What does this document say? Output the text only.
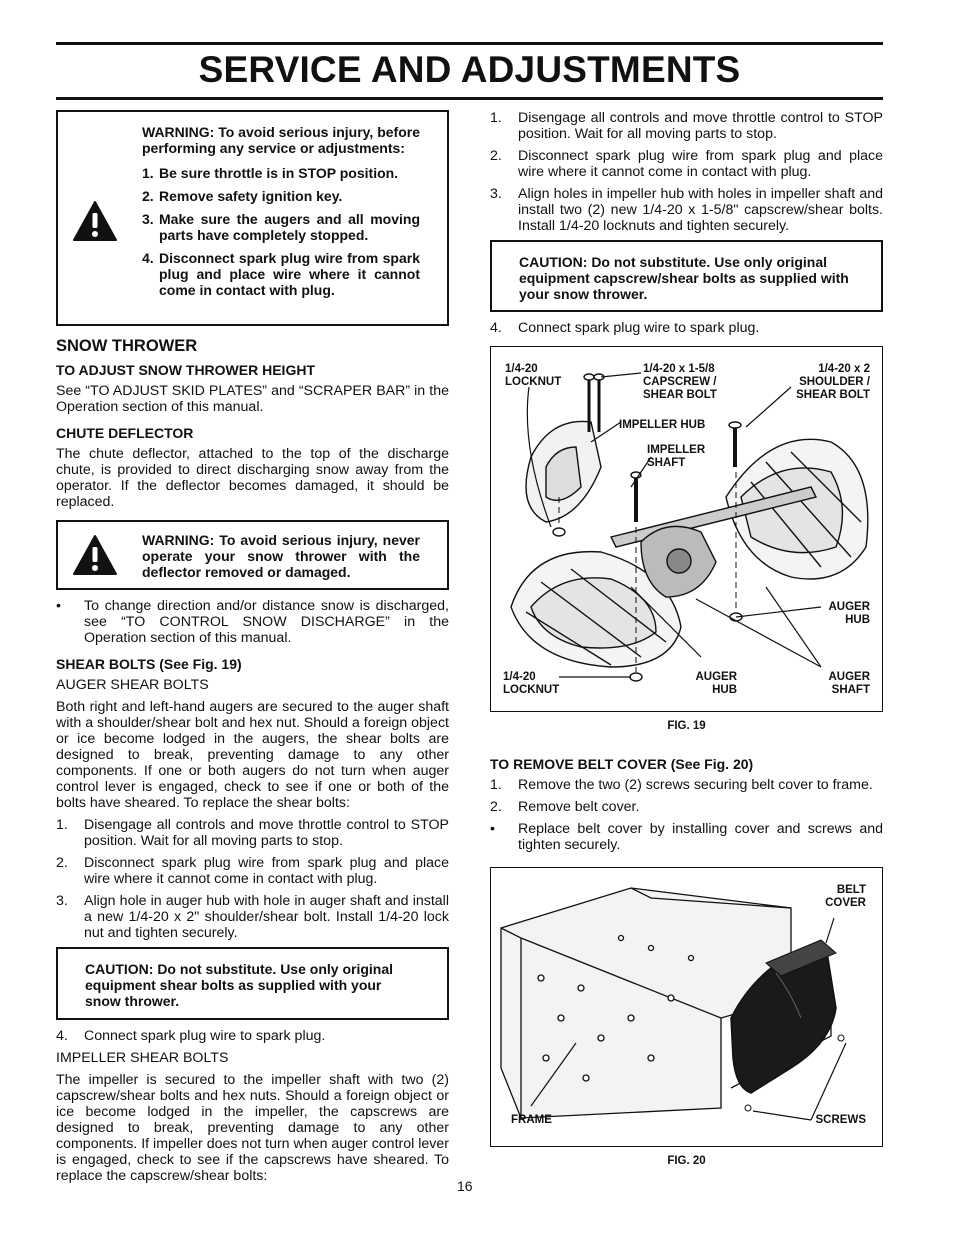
SERVICE AND ADJUSTMENTS
WARNING: To avoid serious injury, before performing any service or adjustments:
1. Be sure throttle is in STOP position.
2. Remove safety ignition key.
3. Make sure the augers and all moving parts have completely stopped.
4. Disconnect spark plug wire from spark plug and place wire where it cannot come in contact with plug.
SNOW THROWER
TO ADJUST SNOW THROWER HEIGHT

See “TO ADJUST SKID PLATES” and “SCRAPER BAR” in the Operation section of this manual.

CHUTE DEFLECTOR

The chute deflector, attached to the top of the discharge chute, is provided to direct discharging snow away from the operator. If the deflector becomes damaged, it should be replaced.

WARNING: To avoid serious injury, never operate your snow thrower with the deflector removed or damaged.
• To change direction and/or distance snow is discharged, see “TO CONTROL SNOW DISCHARGE” in the Operation section of this manual.
SHEAR BOLTS (See Fig. 19)
AUGER SHEAR BOLTS

Both right and left-hand augers are secured to the auger shaft with a shoulder/shear bolt and hex nut. Should a foreign object or ice become lodged in the augers, the shear bolts are designed to break, preventing damage to any other components. If one or both augers do not turn when auger control lever is engaged, check to see if one or both of the bolts have sheared. To replace the shear bolts:

1. Disengage all controls and move throttle control to STOP position. Wait for all moving parts to stop.
2. Disconnect spark plug wire from spark plug and place wire where it cannot come in contact with plug.
3. Align hole in auger hub with hole in auger shaft and install a new 1/4-20 x 2" shoulder/shear bolt. Install 1/4-20 lock nut and tighten securely.
CAUTION: Do not substitute. Use only original equipment shear bolts as supplied with your snow thrower.
4. Connect spark plug wire to spark plug.
IMPELLER SHEAR BOLTS

The impeller is secured to the impeller shaft with two (2) capscrew/shear bolts and hex nuts. Should a foreign object or ice become lodged in the impeller, the capscrews are designed to break, preventing damage to any other components. If impeller does not turn when auger control lever is engaged, check to see if the capscrews have sheared. To replace the capscrew/shear bolts:

1. Disengage all controls and move throttle control to STOP position. Wait for all moving parts to stop.
2. Disconnect spark plug wire from spark plug and place wire where it cannot come in contact with plug.
3. Align holes in impeller hub with holes in impeller shaft and install two (2) new 1/4-20 x 1-5/8" capscrew/shear bolts. Install 1/4-20 locknuts and tighten securely.
CAUTION: Do not substitute. Use only original equipment capscrew/shear bolts as supplied with your snow thrower.
4. Connect spark plug wire to spark plug.
1/4-20 LOCKNUT
1/4-20 x 1-5/8 CAPSCREW / SHEAR BOLT
1/4-20 x 2 SHOULDER / SHEAR BOLT
IMPELLER HUB
IMPELLER SHAFT
AUGER HUB
1/4-20 LOCKNUT
AUGER HUB
AUGER SHAFT
FIG. 19
TO REMOVE BELT COVER (See Fig. 20)
1. Remove the two (2) screws securing belt cover to frame.
2. Remove belt cover.
• Replace belt cover by installing cover and screws and tighten securely.
BELT COVER
FRAME	SCREWS
FIG. 20
16
